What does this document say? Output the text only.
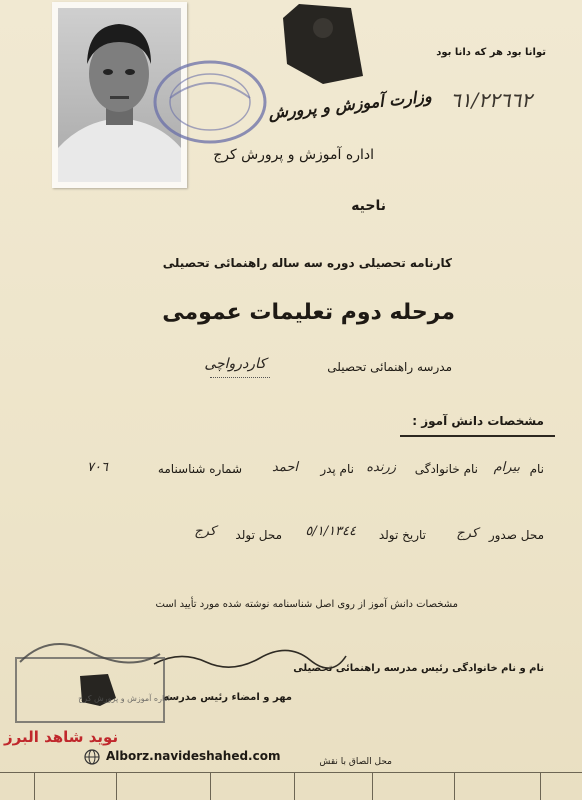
توانا بود هر که دانا بود
٦١/٢٢٦٦٢
وزارت آموزش و پرورش
اداره آموزش و پرورش کرج
ناحیه
کارنامه تحصیلی دوره سه ساله راهنمائی تحصیلی
مرحله دوم تعلیمات عمومی
مدرسه راهنمائی تحصیلی
کاردرواچی
مشخصات دانش آموز :
نام
بیرام
نام خانوادگی
زرنده
نام پدر
احمد
شماره شناسنامه
٧٠٦
محل صدور
کرج
تاریخ تولد
٥/١/١٣٤٤
محل تولد
کرج
مشخصات دانش آموز از روی اصل شناسنامه نوشته شده مورد تأیید است
نام و نام خانوادگی رئیس مدرسه راهنمائی تحصیلی
مهر و امضاء رئیس مدرسه
اداره آموزش و پرورش کرج
نوید شاهد البرز
Alborz.navideshahed.com	محل الصاق با نقش
